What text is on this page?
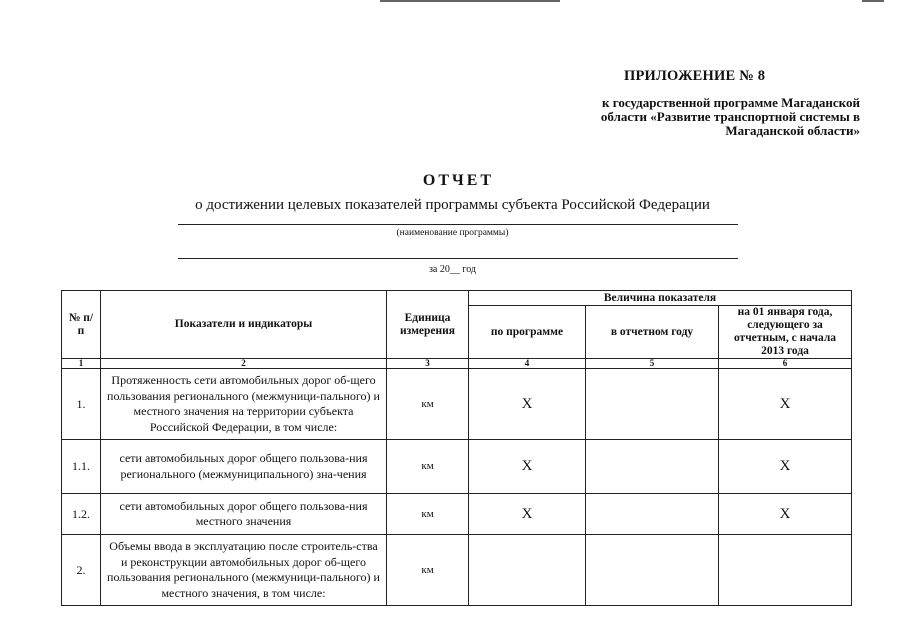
ПРИЛОЖЕНИЕ № 8
к государственной программе Магаданской
области «Развитие транспортной системы в
Магаданской области»
ОТЧЕТ
о достижении целевых показателей программы субъекта Российской Федерации
(наименование программы)
за 20__ год
№ п/п	Показатели и индикаторы	Единица измерения	Величина показателя		
			по программе	в отчетном году	на 01 января года, следующего за отчетным, с начала 2013 года
1	2	3	4	5	6
1.	Протяженность сети автомобильных дорог об-щего пользования регионального (межмуници-пального) и местного значения на территории субъекта Российской Федерации, в том числе:	км	Х		Х
1.1.	сети автомобильных дорог общего пользова-ния регионального (межмуниципального) зна-чения	км	Х		Х
1.2.	сети автомобильных дорог общего пользова-ния местного значения	км	Х		Х
2.	Объемы ввода в эксплуатацию после строитель-ства и реконструкции автомобильных дорог об-щего пользования регионального (межмуници-пального) и местного значения, в том числе:	км			
